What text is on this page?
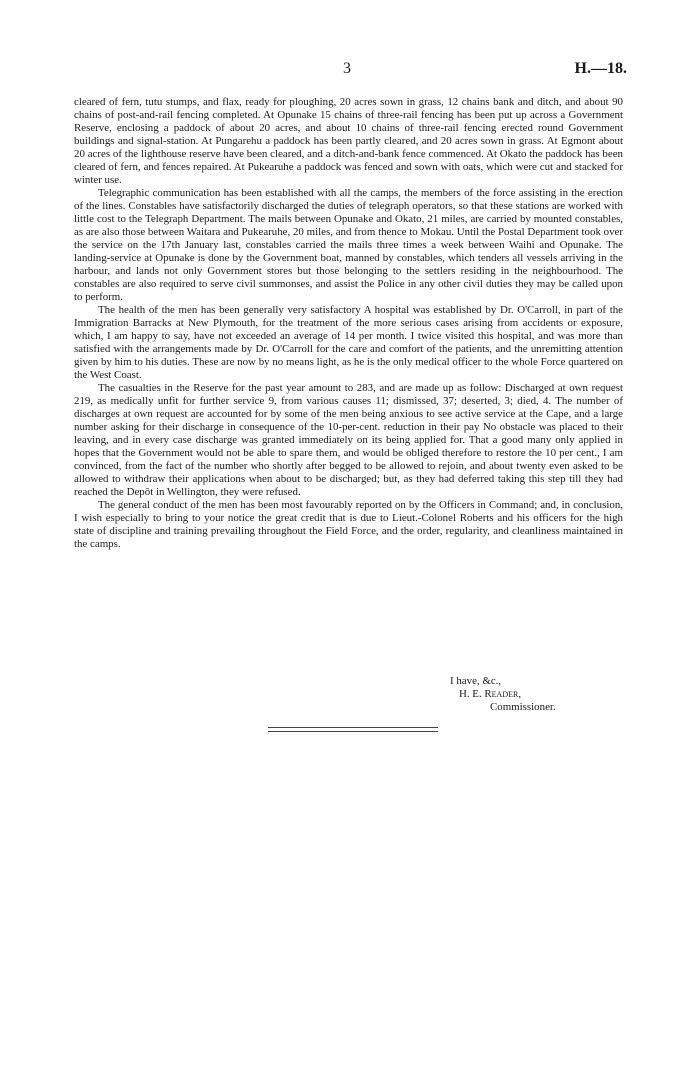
3	H.—18.

cleared of fern, tutu stumps, and flax, ready for ploughing, 20 acres sown in grass, 12 chains bank and ditch, and about 90 chains of post-and-rail fencing completed. At Opunake 15 chains of three-rail fencing has been put up across a Government Reserve, enclosing a paddock of about 20 acres, and about 10 chains of three-rail fencing erected round Government buildings and signal-station. At Pungarehu a paddock has been partly cleared, and 20 acres sown in grass. At Egmont about 20 acres of the lighthouse reserve have been cleared, and a ditch-and-bank fence commenced. At Okato the paddock has been cleared of fern, and fences repaired. At Pukearuhe a paddock was fenced and sown with oats, which were cut and stacked for winter use.

Telegraphic communication has been established with all the camps, the members of the force assisting in the erection of the lines. Constables have satisfactorily discharged the duties of telegraph operators, so that these stations are worked with little cost to the Telegraph Department. The mails between Opunake and Okato, 21 miles, are carried by mounted constables, as are also those between Waitara and Pukearuhe, 20 miles, and from thence to Mokau. Until the Postal Department took over the service on the 17th January last, constables carried the mails three times a week between Waihi and Opunake. The landing-service at Opunake is done by the Government boat, manned by constables, which tenders all vessels arriving in the harbour, and lands not only Government stores but those belonging to the settlers residing in the neighbourhood. The constables are also required to serve civil summonses, and assist the Police in any other civil duties they may be called upon to perform.

The health of the men has been generally very satisfactory A hospital was established by Dr. O'Carroll, in part of the Immigration Barracks at New Plymouth, for the treatment of the more serious cases arising from accidents or exposure, which, I am happy to say, have not exceeded an average of 14 per month. I twice visited this hospital, and was more than satisfied with the arrangements made by Dr. O'Carroll for the care and comfort of the patients, and the unremitting attention given by him to his duties. These are now by no means light, as he is the only medical officer to the whole Force quartered on the West Coast.

The casualties in the Reserve for the past year amount to 283, and are made up as follow: Discharged at own request 219, as medically unfit for further service 9, from various causes 11; dismissed, 37; deserted, 3; died, 4. The number of discharges at own request are accounted for by some of the men being anxious to see active service at the Cape, and a large number asking for their discharge in consequence of the 10-per-cent. reduction in their pay No obstacle was placed to their leaving, and in every case discharge was granted immediately on its being applied for. That a good many only applied in hopes that the Government would not be able to spare them, and would be obliged therefore to restore the 10 per cent., I am convinced, from the fact of the number who shortly after begged to be allowed to rejoin, and about twenty even asked to be allowed to withdraw their applications when about to be discharged; but, as they had deferred taking this step till they had reached the Depôt in Wellington, they were refused.

The general conduct of the men has been most favourably reported on by the Officers in Command; and, in conclusion, I wish especially to bring to your notice the great credit that is due to Lieut.-Colonel Roberts and his officers for the high state of discipline and training prevailing throughout the Field Force, and the order, regularity, and cleanliness maintained in the camps.

I have, &c.,
H. E. Reader,
Commissioner.
